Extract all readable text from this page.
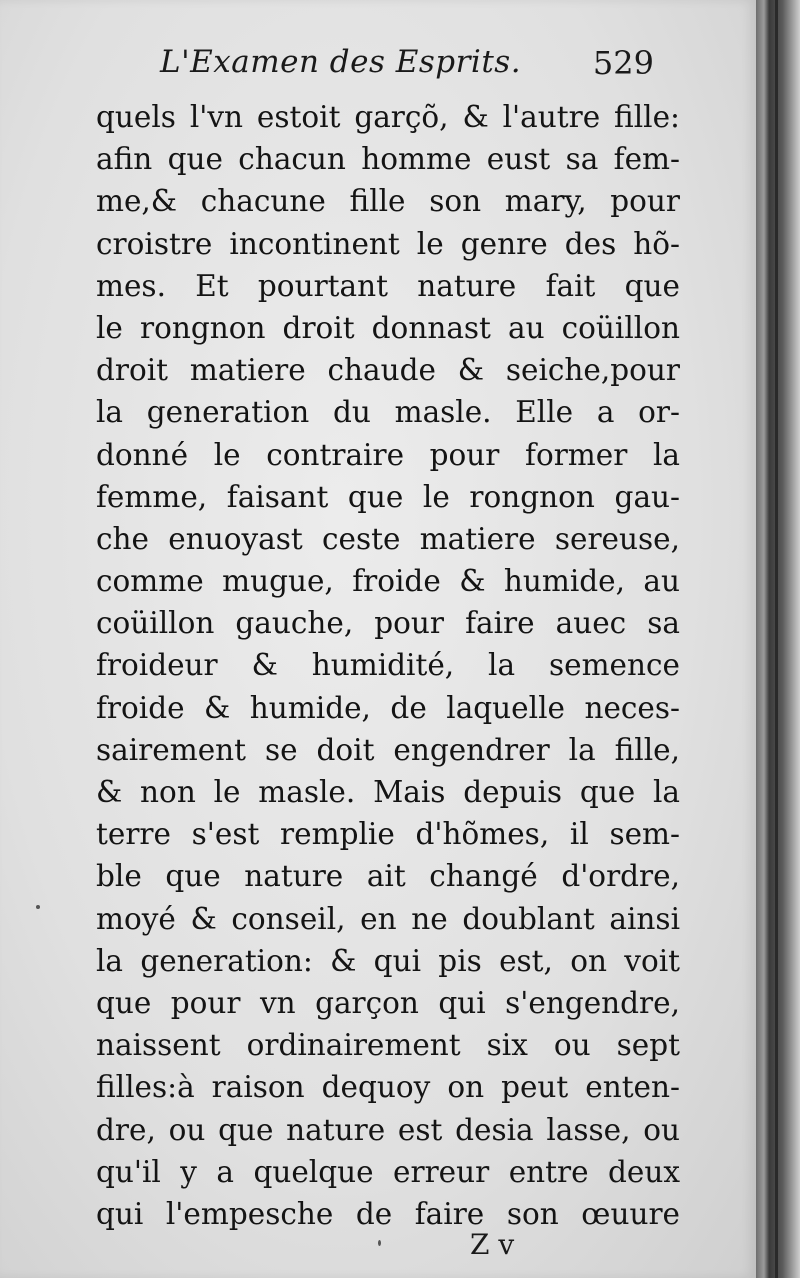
L'Examen des Esprits. 529
quels l'vn estoit garçõ, & l'autre fille:
afin que chacun homme eust sa fem-
me,& chacune fille son mary, pour
croistre incontinent le genre des hõ-
mes. Et pourtant nature fait que
le rongnon droit donnast au coüillon
droit matiere chaude & seiche,pour
la generation du masle. Elle a or-
donné le contraire pour former la
femme, faisant que le rongnon gau-
che enuoyast ceste matiere sereuse,
comme mugue, froide & humide, au
coüillon gauche, pour faire auec sa
froideur & humidité, la semence
froide & humide, de laquelle neces-
sairement se doit engendrer la fille,
& non le masle. Mais depuis que la
terre s'est remplie d'hõmes, il sem-
ble que nature ait changé d'ordre,
moyé & conseil, en ne doublant ainsi
la generation: & qui pis est, on voit
que pour vn garçon qui s'engendre,
naissent ordinairement six ou sept
filles:à raison dequoy on peut enten-
dre, ou que nature est desia lasse, ou
qu'il y a quelque erreur entre deux
qui l'empesche de faire son œuure
Z v
